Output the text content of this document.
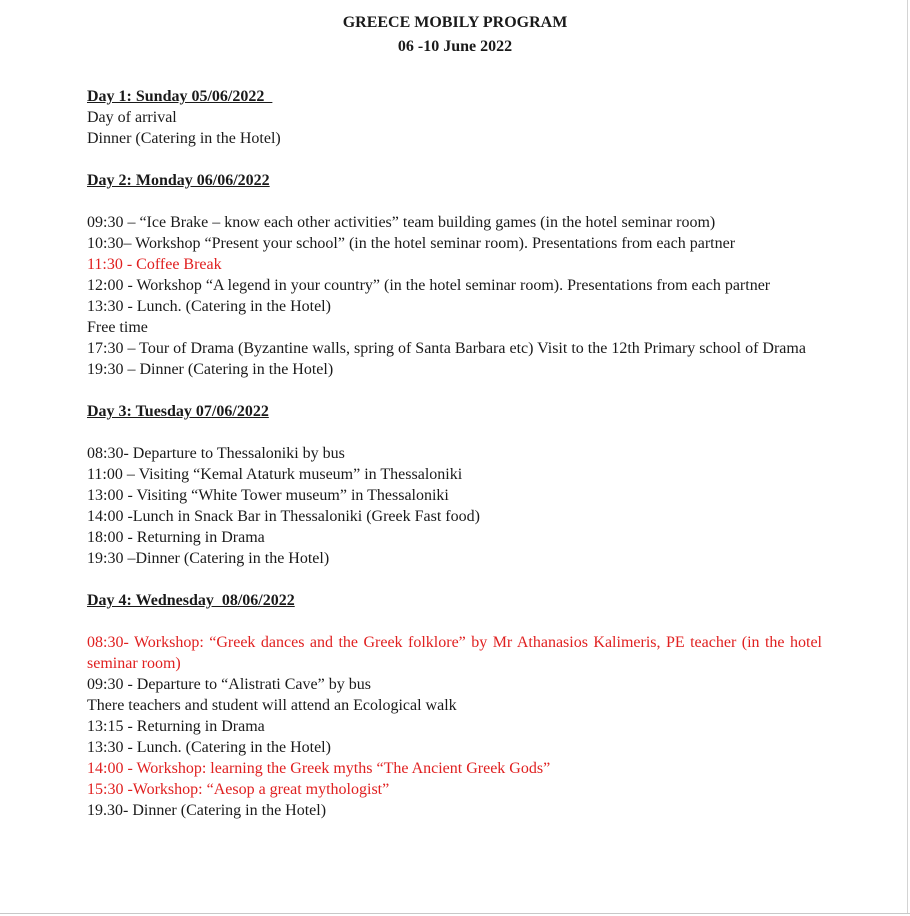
GREECE MOBILY PROGRAM
06 -10 June 2022

Day 1: Sunday 05/06/2022

Day of arrival

Dinner (Catering in the Hotel)

Day 2: Monday 06/06/2022

09:30 – “Ice Brake – know each other activities” team building games (in the hotel seminar room)

10:30– Workshop “Present your school” (in the hotel seminar room). Presentations from each partner

11:30 - Coffee Break

12:00 - Workshop “A legend in your country” (in the hotel seminar room). Presentations from each partner

13:30 - Lunch. (Catering in the Hotel)

Free time

17:30 – Tour of Drama (Byzantine walls, spring of Santa Barbara etc) Visit to the 12th Primary school of Drama

19:30 – Dinner (Catering in the Hotel)

Day 3: Tuesday 07/06/2022

08:30- Departure to Thessaloniki by bus

11:00 – Visiting “Kemal Ataturk museum” in Thessaloniki

13:00 - Visiting “White Tower museum” in Thessaloniki

14:00 -Lunch in Snack Bar in Thessaloniki (Greek Fast food)

18:00 - Returning in Drama

19:30 –Dinner (Catering in the Hotel)

Day 4: Wednesday  08/06/2022

08:30- Workshop: “Greek dances and the Greek folklore” by Mr Athanasios Kalimeris, PE teacher (in the hotel seminar room)

09:30 - Departure to “Alistrati Cave” by bus

There teachers and student will attend an Ecological walk

13:15 - Returning in Drama

13:30 - Lunch. (Catering in the Hotel)

14:00 - Workshop: learning the Greek myths “The Ancient Greek Gods”

15:30 -Workshop: “Aesop a great mythologist”

19.30- Dinner (Catering in the Hotel)
